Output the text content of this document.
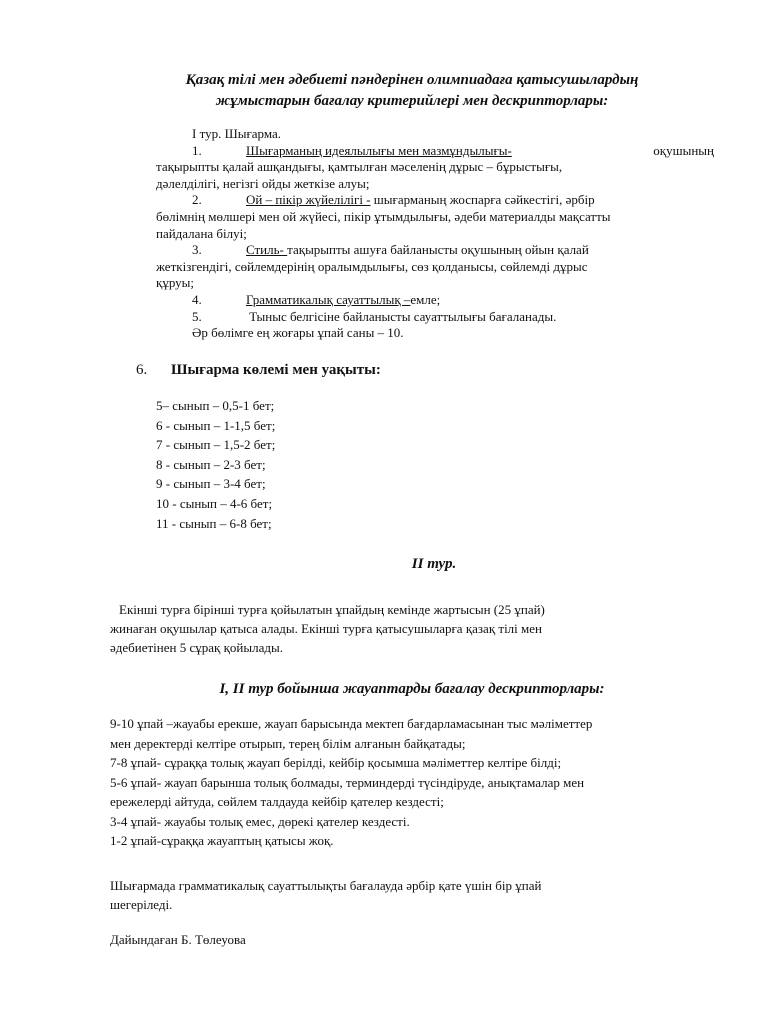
Қазақ тілі мен әдебиеті пәндерінен олимпиадаға қатысушылардың
жұмыстарын бағалау критерийлері мен дескрипторлары:

І тур. Шығарма.

1.	Шығарманың идеялылығы мен мазмұндылығы-	оқушының

тақырыпты қалай ашқандығы, қамтылған мәселенің дұрыс – бұрыстығы,

дәлелділігі, негізгі ойды жеткізе алуы;

2.	Ой – пікір жүйелілігі - шығарманың жоспарға сәйкестігі, әрбір

бөлімнің мөлшері мен ой жүйесі, пікір ұтымдылығы, әдеби материалды мақсатты

пайдалана білуі;

3.	Стиль- тақырыпты ашуға байланысты оқушының ойын қалай

жеткізгендігі, сөйлемдерінің оралымдылығы, сөз қолданысы, сөйлемді дұрыс

құруы;

4.	Грамматикалық сауаттылық –емле;

5.	Тыныс белгісіне байланысты сауаттылығы бағаланады.

Әр бөлімге ең жоғары ұпай саны – 10.

6. Шығарма көлемі мен уақыты:

5– сынып – 0,5-1 бет;
6 - сынып – 1-1,5 бет;
7 - сынып – 1,5-2 бет;
8 - сынып – 2-3 бет;
9 - сынып – 3-4 бет;
10 - сынып – 4-6 бет;
11 - сынып – 6-8 бет;

ІІ тур.

Екінші турға бірінші турға қойылатын ұпайдың кемінде жартысын (25 ұпай)

жинаған оқушылар қатыса алады. Екінші турға қатысушыларға қазақ тілі мен

әдебиетінен 5 сұрақ қойылады.

І, ІІ тур бойынша жауаптарды бағалау дескрипторлары:

9-10 ұпай –жауабы ерекше, жауап барысында мектеп бағдарламасынан тыс мәліметтер

мен деректерді келтіре отырып, терең білім алғанын байқатады;

7-8 ұпай- сұраққа толық жауап берілді, кейбір қосымша мәліметтер келтіре білді;

5-6 ұпай- жауап барынша толық болмады, терминдерді түсіндіруде, анықтамалар мен

ережелерді айтуда, сөйлем талдауда кейбір қателер кездесті;

3-4 ұпай- жауабы толық емес, дөрекі қателер кездесті.

1-2 ұпай-сұраққа жауаптың қатысы жоқ.

Шығармада грамматикалық сауаттылықты бағалауда әрбір қате үшін бір ұпай

шегеріледі.

Дайындаған Б. Төлеуова
